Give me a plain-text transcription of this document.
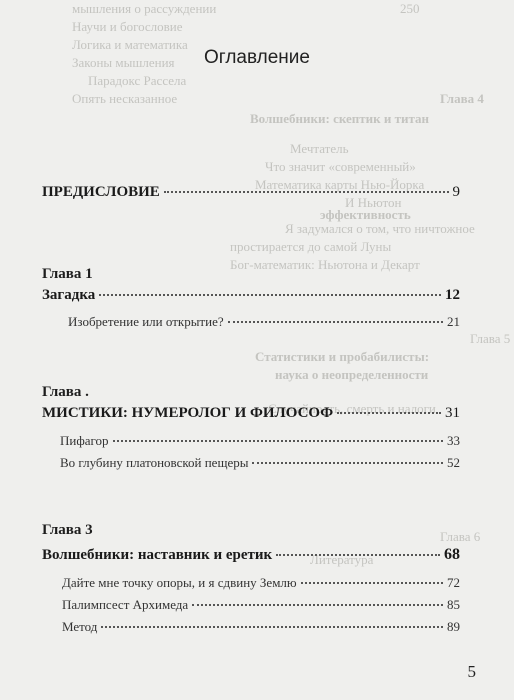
мышления о рассуждении	250
Научи и богословие
Логика и математика
Законы мышления
Парадокс Рассела
Опять несказанное	Глава 4
Волшебники: скептик и титан
Мечтатель
Что значит «современный»
Математика карты Нью-Йорка
И Ньютон
эффективность
Я задумался о том, что ничтожное
простирается до самой Луны
Бог-математик: Ньютона и Декарт
Глава 5
Статистики и пробабилисты:
наука о неопределенности
Случайность, смерть и налоги
Глава 6
Литература
Оглавление
ПРЕДИСЛОВИЕ	9
Глава 1
Загадка	12
Изобретение или открытие?	21
Глава .
МИСТИКИ: НУМЕРОЛОГ И ФИЛОСОФ	31
Пифагор	33
Во глубину платоновской пещеры	52
Глава 3
Волшебники: наставник и еретик	68
Дайте мне точку опоры, и я сдвину Землю	72
Палимпсест Архимеда	85
Метод	89
5
